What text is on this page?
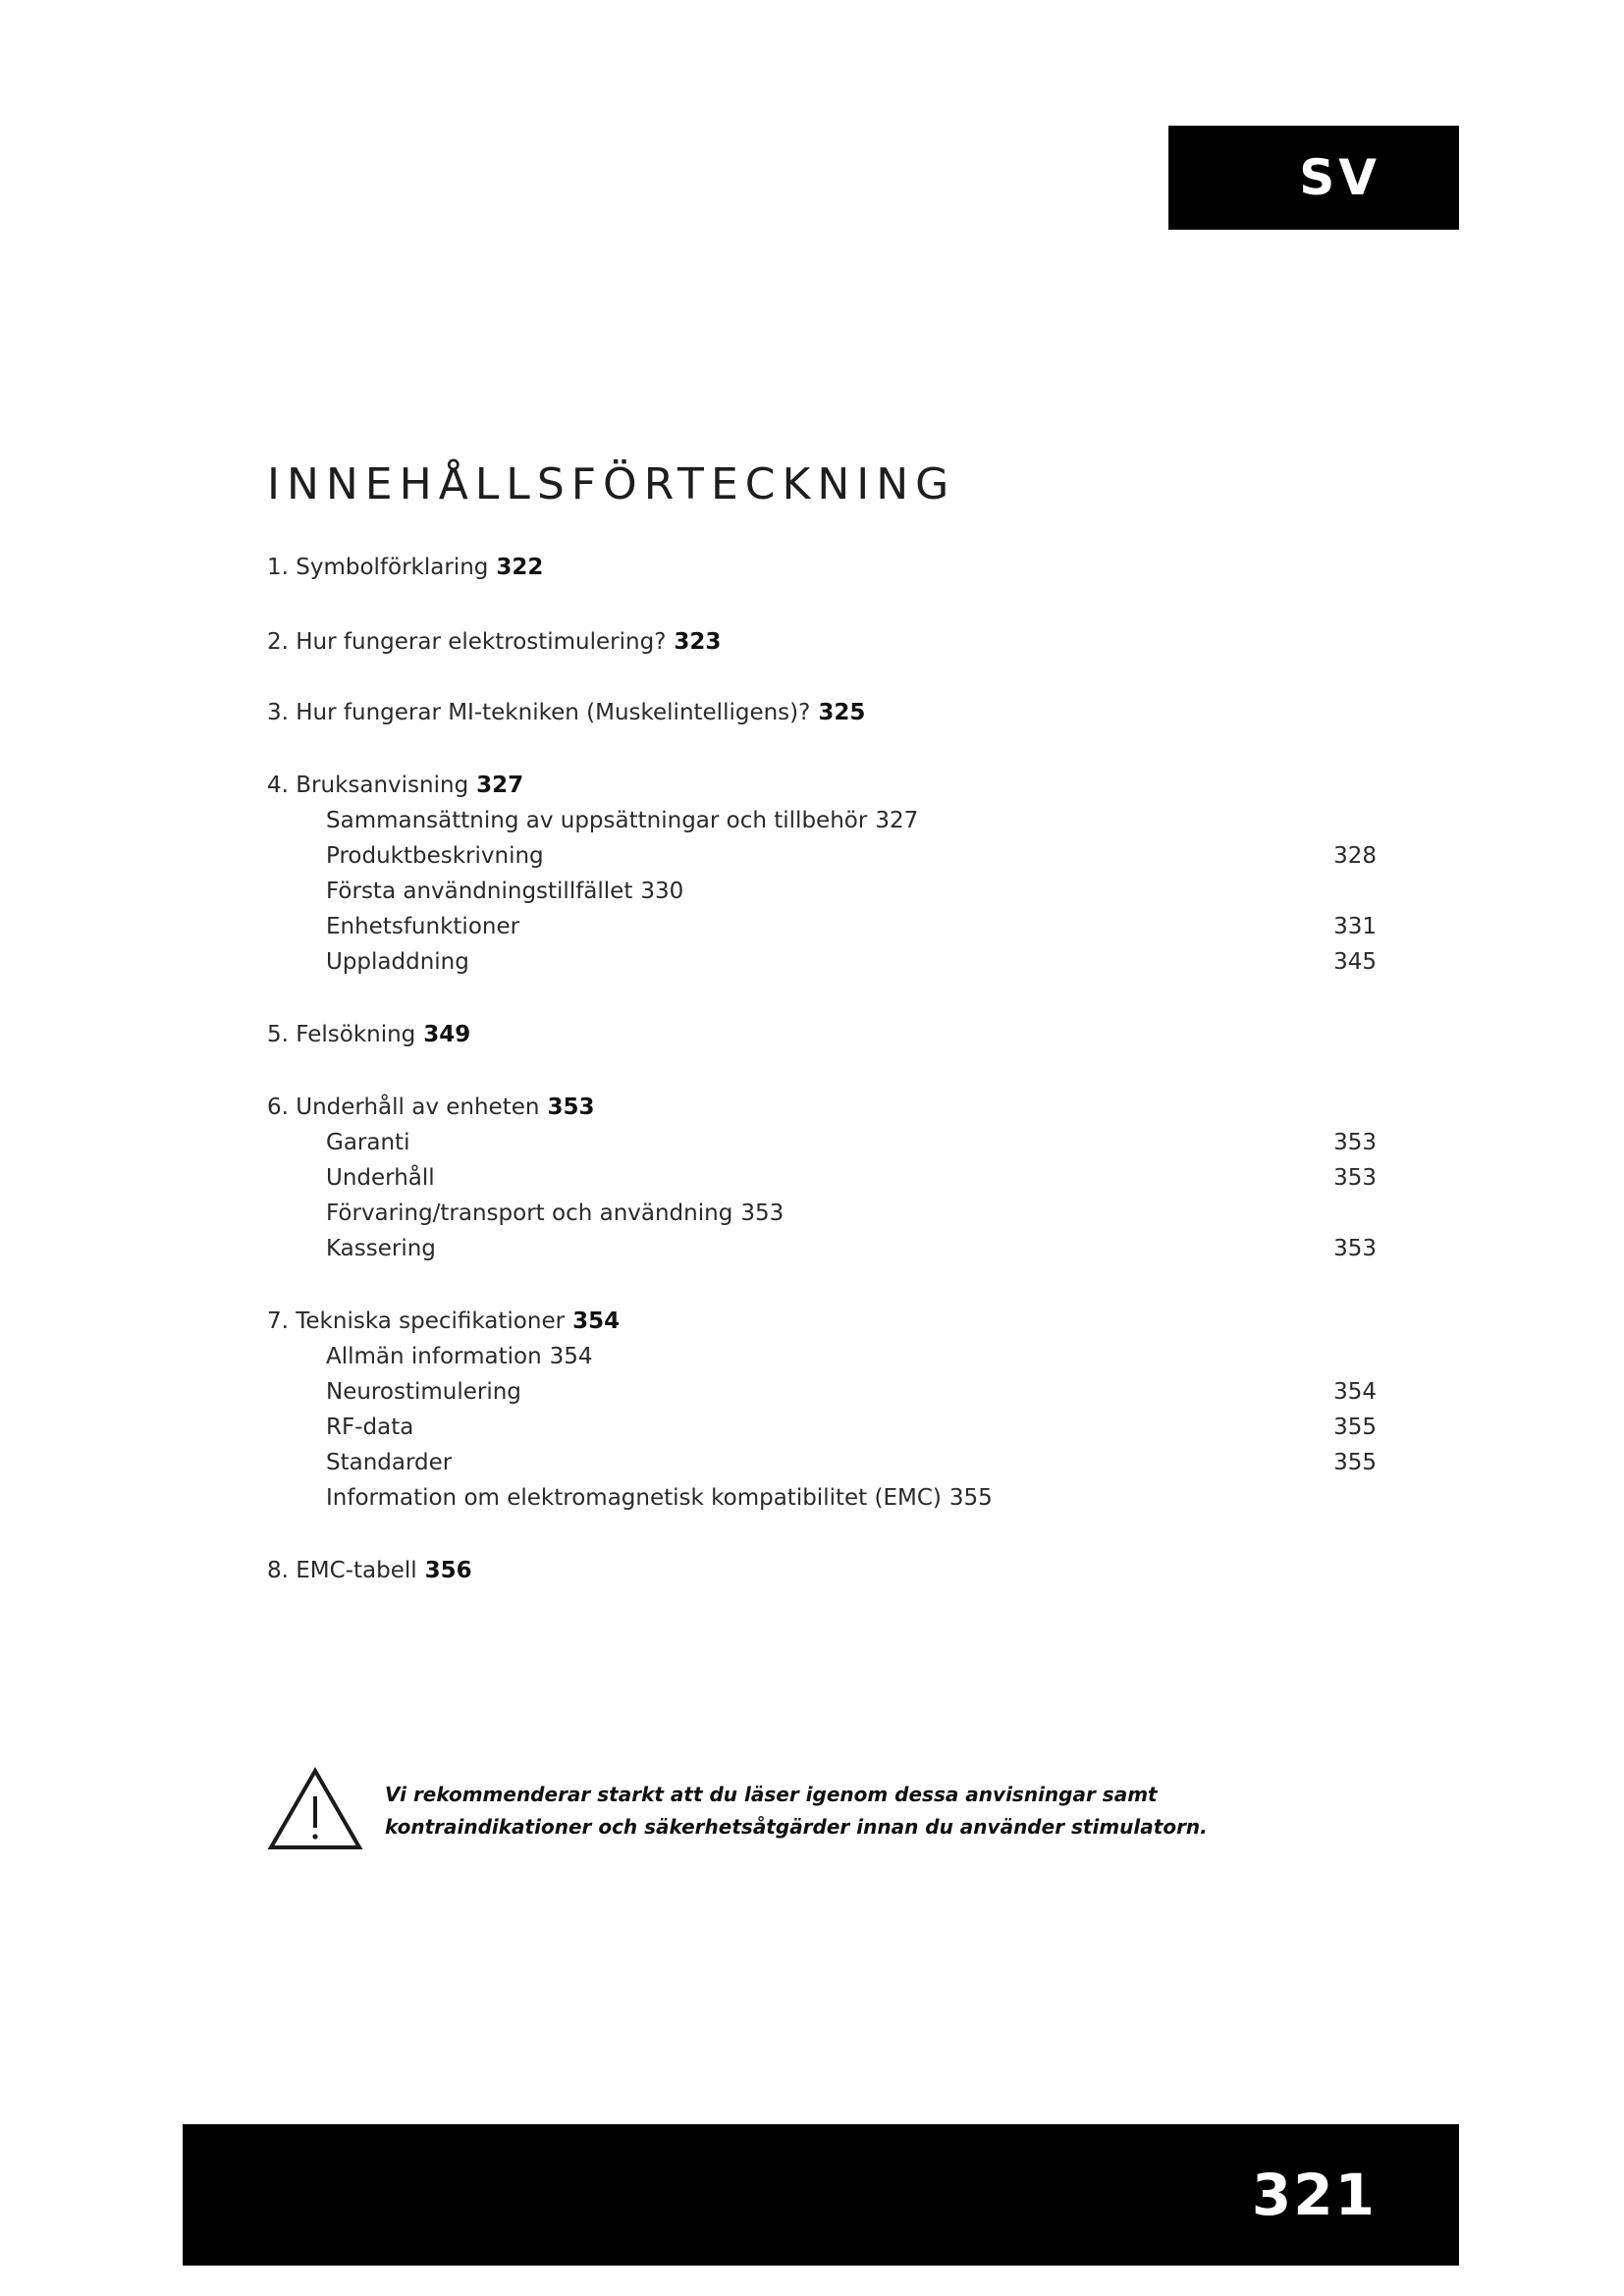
SV
INNEHÅLLSFÖRTECKNING
1. Symbolförklaring 322
2. Hur fungerar elektrostimulering? 323
3. Hur fungerar MI-tekniken (Muskelintelligens)? 325
4. Bruksanvisning 327
Sammansättning av uppsättningar och tillbehör 327
Produktbeskrivning	328
Första användningstillfället 330
Enhetsfunktioner	331
Uppladdning	345
5. Felsökning 349
6. Underhåll av enheten 353
Garanti	353
Underhåll	353
Förvaring/transport och användning 353
Kassering	353
7. Tekniska specifikationer 354
Allmän information 354
Neurostimulering	354
RF-data	355
Standarder	355
Information om elektromagnetisk kompatibilitet (EMC) 355
8. EMC-tabell 356
Vi rekommenderar starkt att du läser igenom dessa anvisningar samt kontraindikationer och säkerhetsåtgärder innan du använder stimulatorn.
321
